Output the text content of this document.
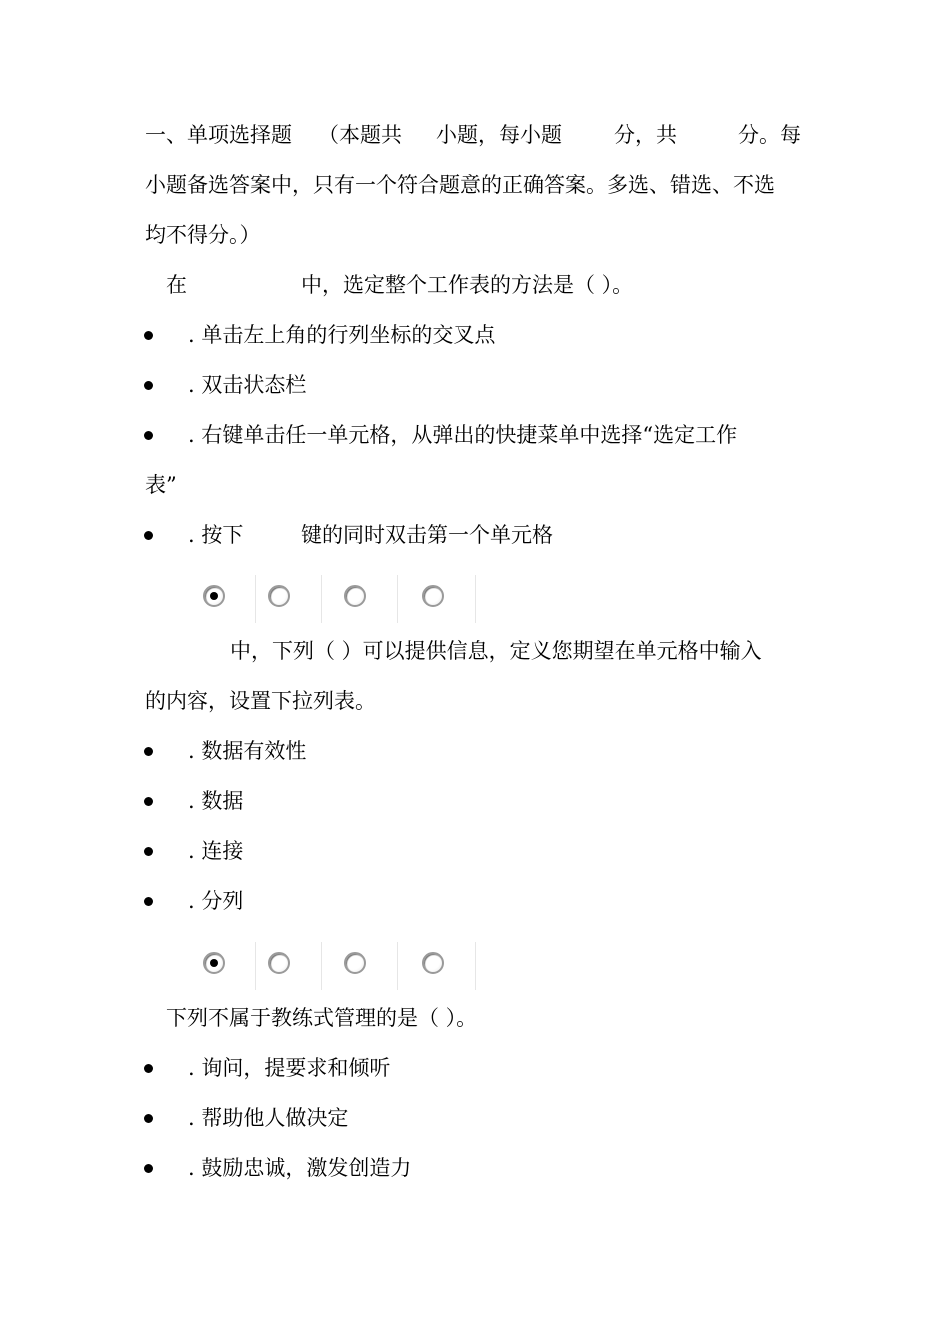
一、单项选择题 （本题共 小题，每小题 分，共	分。每
小题备选答案中，只有一个符合题意的正确答案。多选、错选、不选
均不得分。）
在	中，选定整个工作表的方法是（ ）。
. 单击左上角的行列坐标的交叉点
. 双击状态栏
. 右键单击任一单元格，从弹出的快捷菜单中选择“选定工作
表”
. 按下	键的同时双击第一个单元格
中，下列（ ）可以提供信息，定义您期望在单元格中输入
的内容，设置下拉列表。
. 数据有效性
. 数据
. 连接
. 分列
下列不属于教练式管理的是（ ）。
. 询问，提要求和倾听
. 帮助他人做决定
. 鼓励忠诚，激发创造力
